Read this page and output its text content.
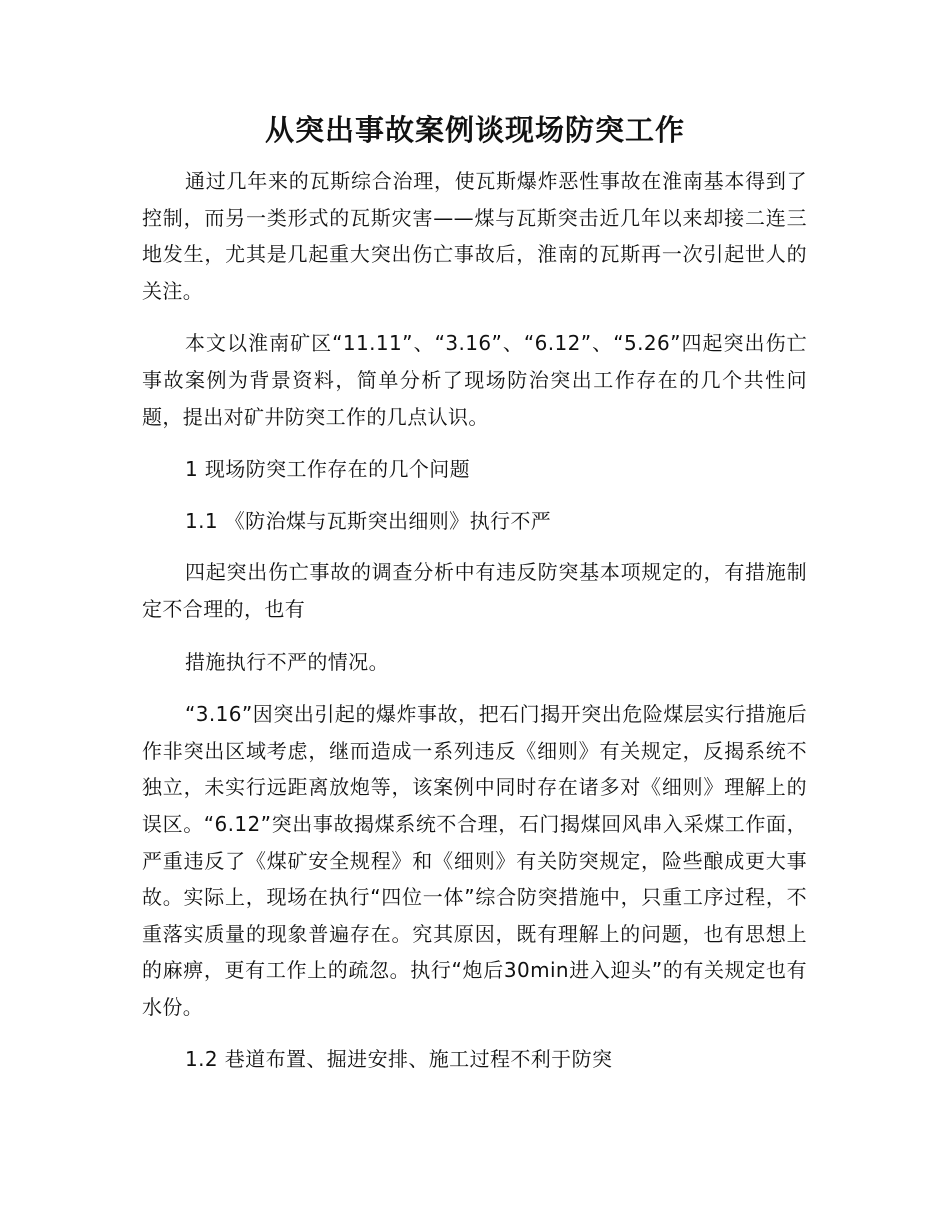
从突出事故案例谈现场防突工作

通过几年来的瓦斯综合治理，使瓦斯爆炸恶性事故在淮南基本得到了控制，而另一类形式的瓦斯灾害——煤与瓦斯突击近几年以来却接二连三地发生，尤其是几起重大突出伤亡事故后，淮南的瓦斯再一次引起世人的关注。

本文以淮南矿区“11.11”、“3.16”、“6.12”、“5.26”四起突出伤亡事故案例为背景资料，简单分析了现场防治突出工作存在的几个共性问题，提出对矿井防突工作的几点认识。

1 现场防突工作存在的几个问题

1.1 《防治煤与瓦斯突出细则》执行不严

四起突出伤亡事故的调查分析中有违反防突基本项规定的，有措施制定不合理的，也有

措施执行不严的情况。

“3.16”因突出引起的爆炸事故，把石门揭开突出危险煤层实行措施后作非突出区域考虑，继而造成一系列违反《细则》有关规定，反揭系统不独立，未实行远距离放炮等，该案例中同时存在诸多对《细则》理解上的误区。“6.12”突出事故揭煤系统不合理，石门揭煤回风串入采煤工作面，严重违反了《煤矿安全规程》和《细则》有关防突规定，险些酿成更大事故。实际上，现场在执行“四位一体”综合防突措施中，只重工序过程，不重落实质量的现象普遍存在。究其原因，既有理解上的问题，也有思想上的麻痹，更有工作上的疏忽。执行“炮后30min进入迎头”的有关规定也有水份。

1.2 巷道布置、掘进安排、施工过程不利于防突
